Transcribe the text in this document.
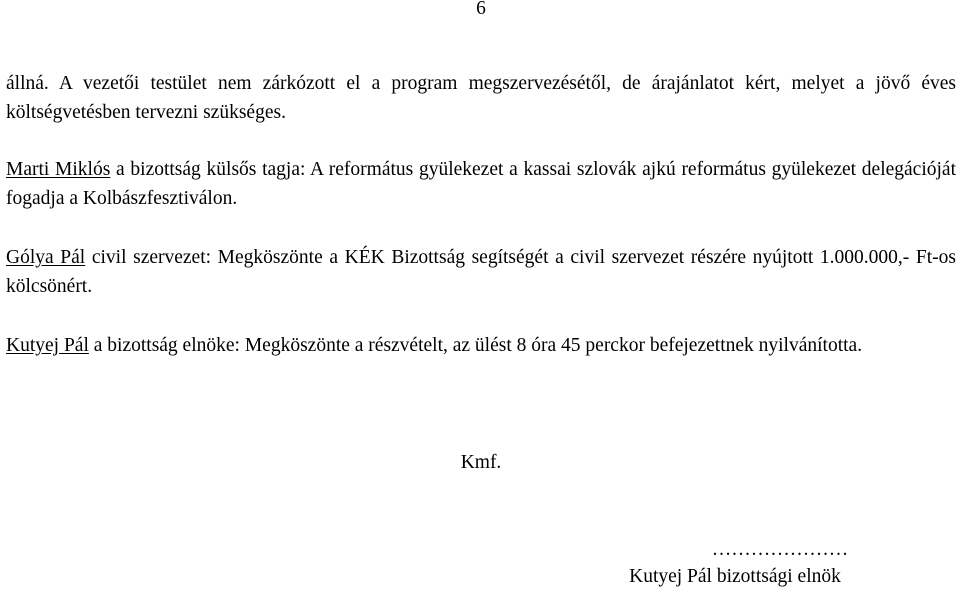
6

állná. A vezetői testület nem zárkózott el a program megszervezésétől, de árajánlatot kért, melyet a jövő éves költségvetésben tervezni szükséges.

Marti Miklós a bizottság külsős tagja: A református gyülekezet a kassai szlovák ajkú református gyülekezet delegációját fogadja a Kolbászfesztiválon.

Gólya Pál civil szervezet: Megköszönte a KÉK Bizottság segítségét a civil szervezet részére nyújtott 1.000.000,- Ft-os kölcsönért.

Kutyej Pál a bizottság elnöke: Megköszönte a részvételt, az ülést 8 óra 45 perckor befejezettnek nyilvánította.

Kmf.
…………………
Kutyej Pál bizottsági elnök
